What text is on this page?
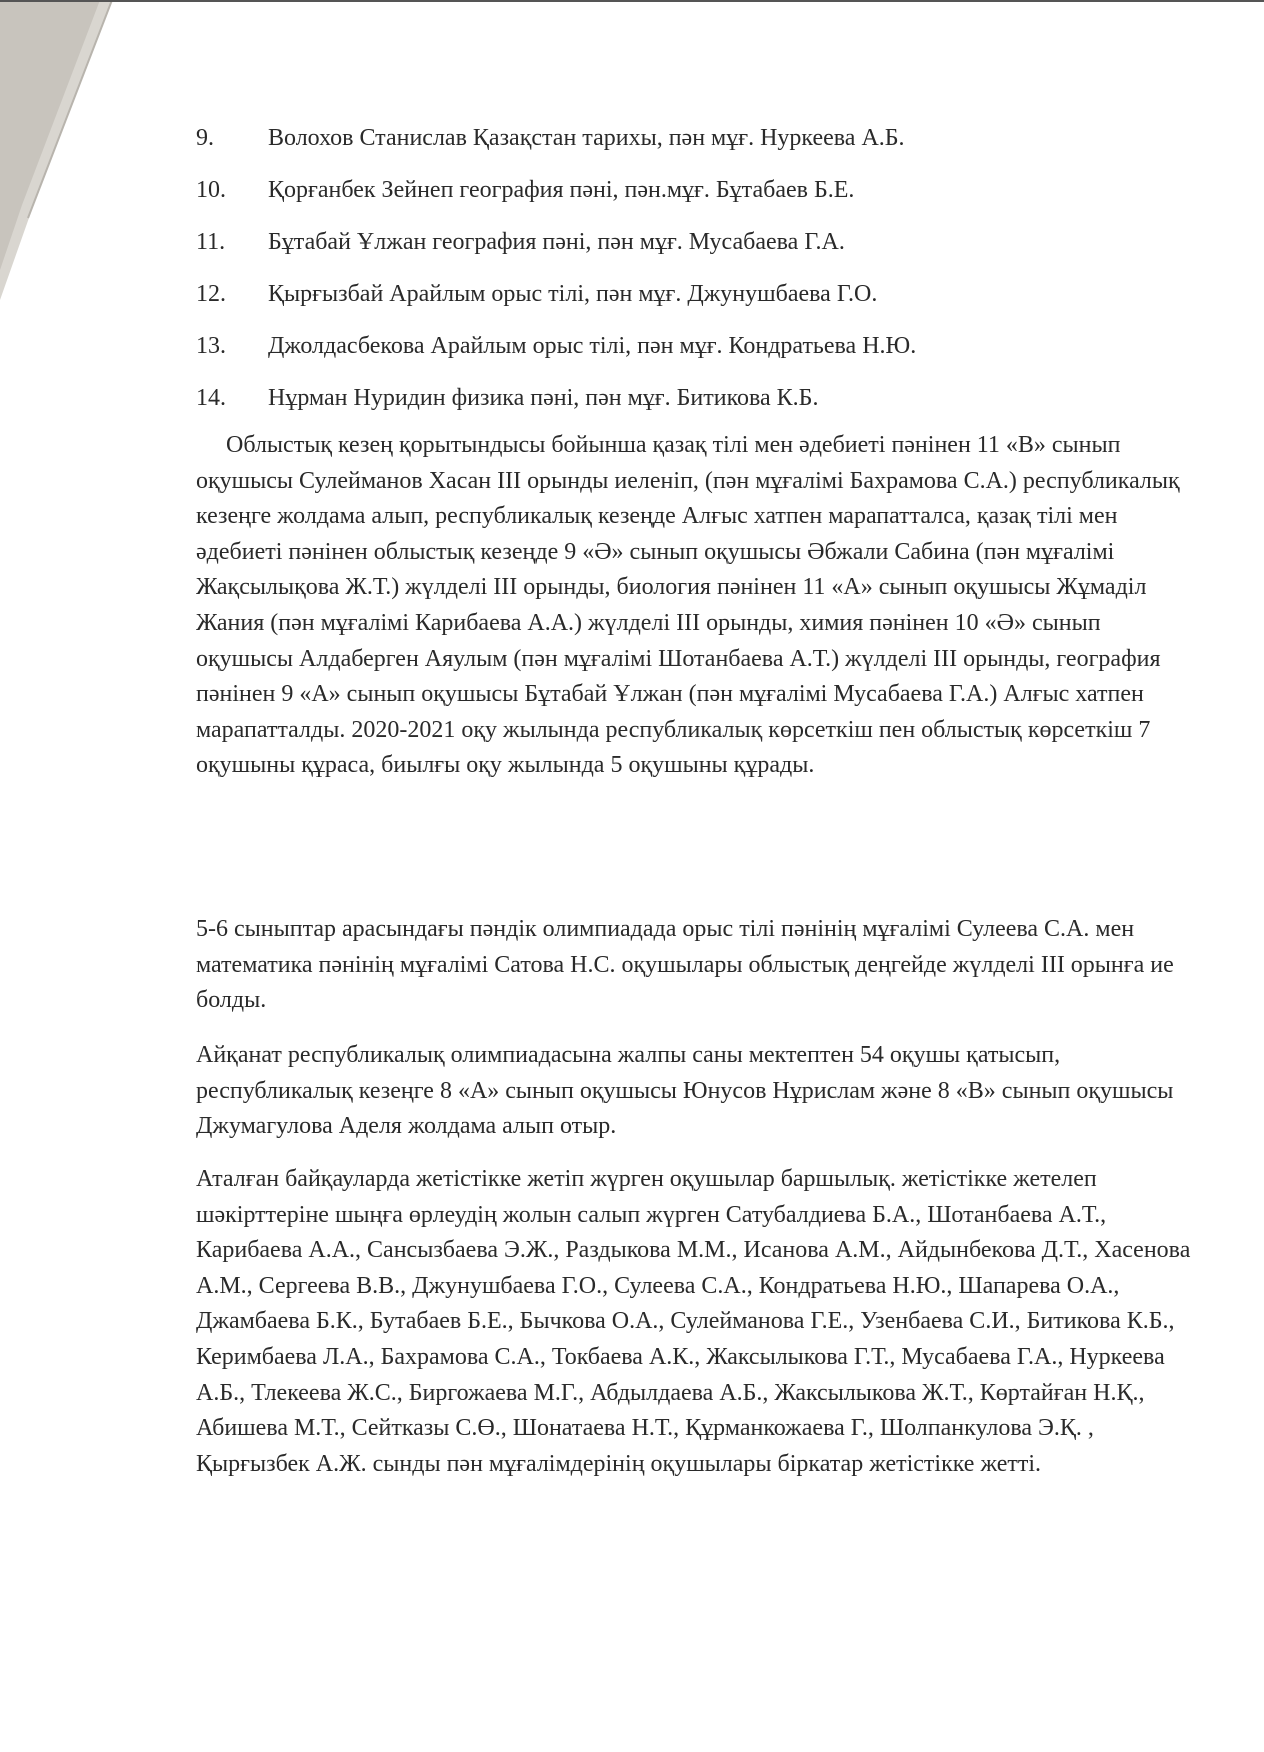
9.	Волохов Станислав Қазақстан тарихы, пән мұғ. Нуркеева А.Б.
10.	Қорғанбек Зейнеп география пәні, пән.мұғ. Бұтабаев Б.Е.
11.	Бұтабай Ұлжан география пәні, пән мұғ. Мусабаева Г.А.
12.	Қырғызбай Арайлым орыс тілі, пән мұғ. Джунушбаева Г.О.
13.	Джолдасбекова Арайлым орыс тілі, пән мұғ. Кондратьева Н.Ю.
14.	Нұрман Нуридин физика пәні, пән мұғ. Битикова К.Б.

Облыстық кезең қорытындысы бойынша қазақ тілі мен әдебиеті пәнінен 11 «В» сынып оқушысы Сулейманов Хасан ІІІ орынды иеленіп, (пән мұғалімі Бахрамова С.А.) республикалық кезеңге жолдама алып, республикалық кезеңде Алғыс хатпен марапатталса, қазақ тілі мен әдебиеті пәнінен облыстық кезеңде 9 «Ә» сынып оқушысы Әбжали Сабина (пән мұғалімі Жақсылықова Ж.Т.) жүлделі ІІІ орынды, биология пәнінен 11 «А» сынып оқушысы Жұмаділ Жания (пән мұғалімі Карибаева А.А.) жүлделі ІІІ орынды, химия пәнінен 10 «Ә» сынып оқушысы Алдаберген Аяулым (пән мұғалімі Шотанбаева А.Т.) жүлделі ІІІ орынды, география пәнінен 9 «А» сынып оқушысы Бұтабай Ұлжан (пән мұғалімі Мусабаева Г.А.) Алғыс хатпен марапатталды. 2020-2021 оқу жылында республикалық көрсеткіш пен облыстық көрсеткіш 7 оқушыны құраса, биылғы оқу жылында 5 оқушыны құрады.

5-6 сыныптар арасындағы пәндік олимпиадада орыс тілі пәнінің мұғалімі Сулеева С.А. мен математика пәнінің мұғалімі Сатова Н.С. оқушылары облыстық деңгейде жүлделі ІІІ орынға ие болды.

Айқанат республикалық олимпиадасына жалпы саны мектептен 54 оқушы қатысып, республикалық кезеңге 8 «А» сынып оқушысы Юнусов Нұрислам және 8 «В» сынып оқушысы Джумагулова Аделя жолдама алып отыр.

Аталған байқауларда жетістікке жетіп жүрген оқушылар баршылық. жетістікке жетелеп шәкірттеріне шыңға өрлеудің жолын салып жүрген Сатубалдиева Б.А., Шотанбаева А.Т., Карибаева А.А., Сансызбаева Э.Ж., Раздыкова М.М., Исанова А.М., Айдынбекова Д.Т., Хасенова А.М., Сергеева В.В., Джунушбаева Г.О., Сулеева С.А., Кондратьева Н.Ю., Шапарева О.А., Джамбаева Б.К., Бутабаев Б.Е., Бычкова О.А., Сулейманова Г.Е., Узенбаева С.И., Битикова К.Б., Керимбаева Л.А., Бахрамова С.А., Токбаева А.К., Жаксылыкова Г.Т., Мусабаева Г.А., Нуркеева А.Б., Тлекеева Ж.С., Биргожаева М.Г., Абдылдаева А.Б., Жаксылыкова Ж.Т., Көртайған Н.Қ., Абишева М.Т., Сейтказы С.Ө., Шонатаева Н.Т., Құрманкожаева Г., Шолпанкулова Э.Қ. , Қырғызбек А.Ж. сынды пән мұғалімдерінің оқушылары біркатар жетістікке жетті.
